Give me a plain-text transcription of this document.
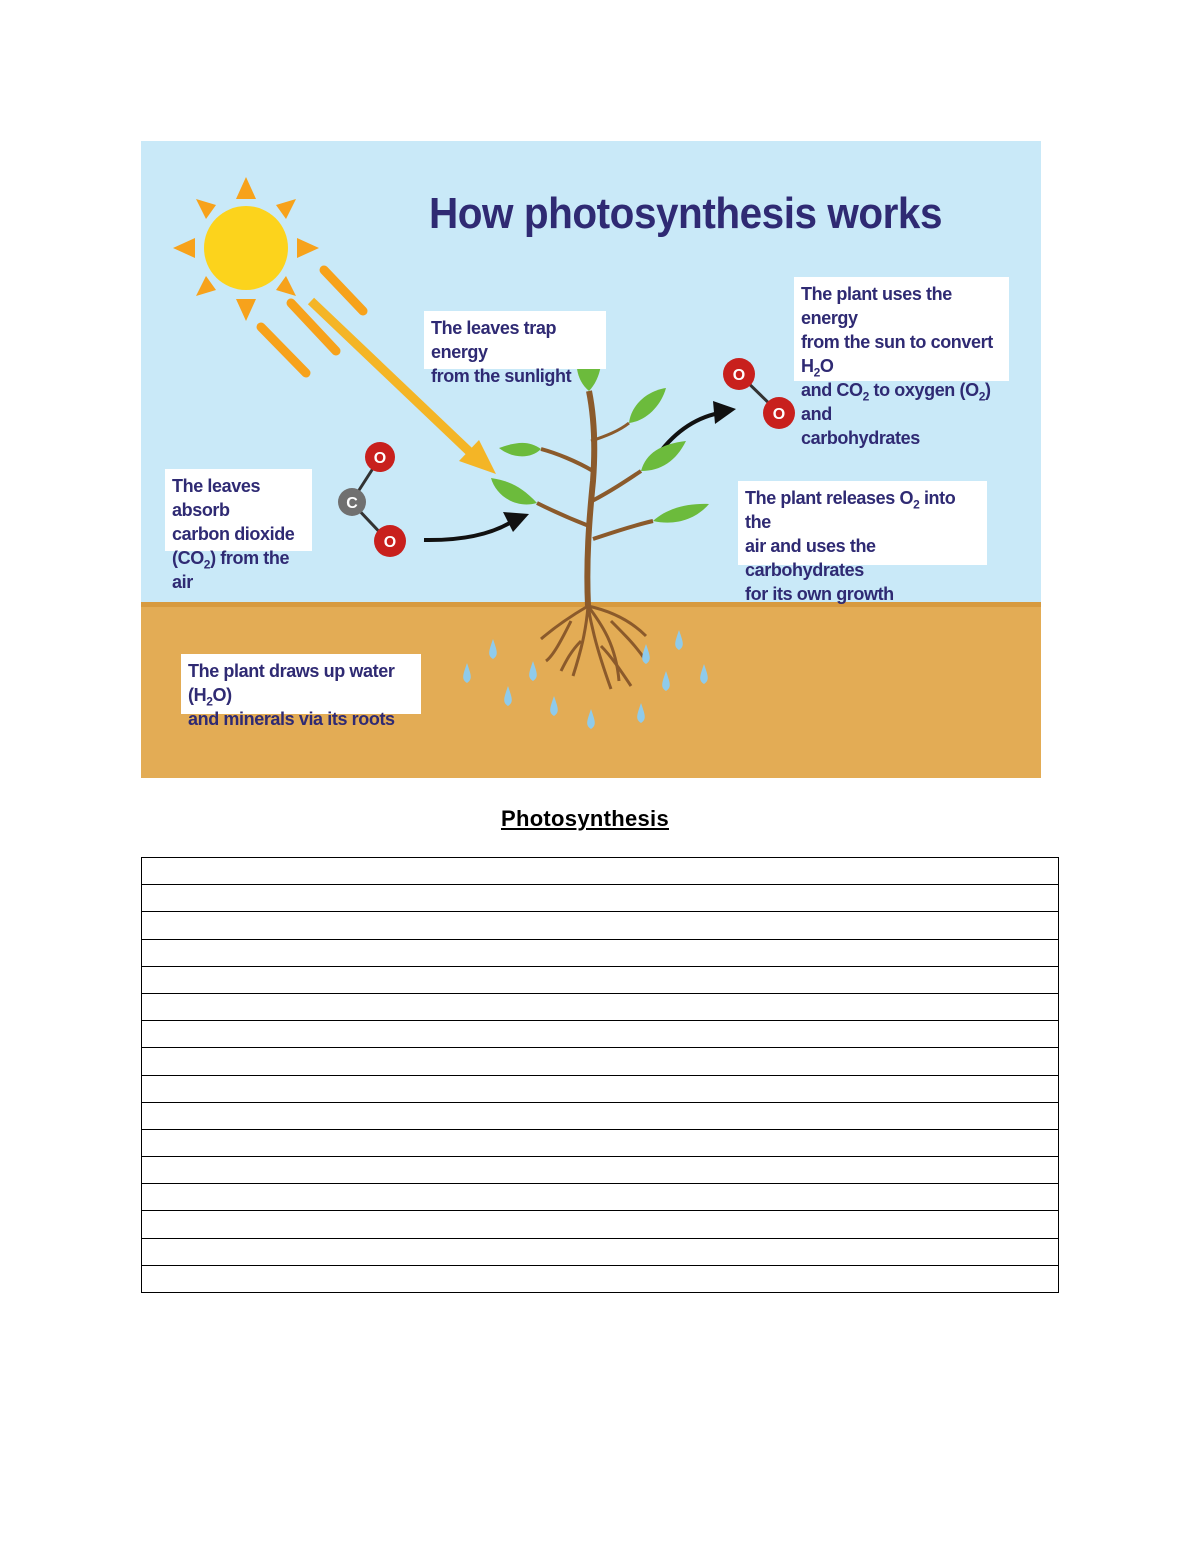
O
C
O
O
O
How photosynthesis works
The leaves trap energy
from the sunlight
The plant uses the energy
from the sun to convert $H_2O$
and $CO_2$ to oxygen $(O_2)$ and
carbohydrates
The leaves absorb
carbon dioxide
$(CO_2)$ from the air
The plant releases $O_2$ into the
air and uses the carbohydrates
for its own growth
The plant draws up water $(H_2O)$
and minerals via its roots
Photosynthesis
